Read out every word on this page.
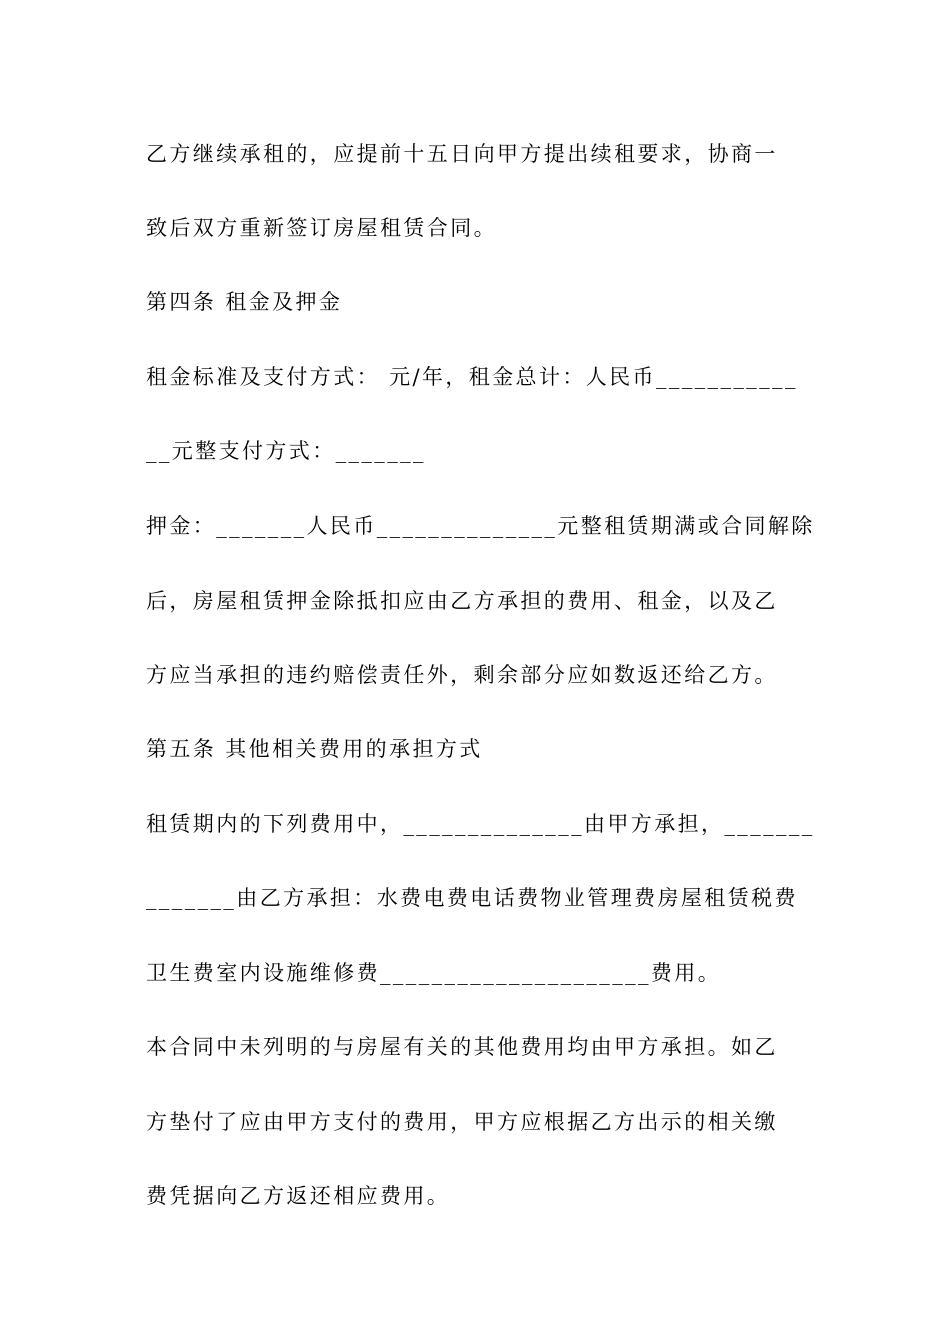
乙方继续承租的，应提前十五日向甲方提出续租要求，协商一
致后双方重新签订房屋租赁合同。
第四条 租金及押金
租金标准及支付方式： 元/年，租金总计：人民币___________
__元整支付方式：_______
押金：_______人民币______________元整租赁期满或合同解除
后，房屋租赁押金除抵扣应由乙方承担的费用、租金，以及乙
方应当承担的违约赔偿责任外，剩余部分应如数返还给乙方。
第五条 其他相关费用的承担方式
租赁期内的下列费用中，______________由甲方承担，_______
_______由乙方承担：水费电费电话费物业管理费房屋租赁税费
卫生费室内设施维修费_____________________费用。
本合同中未列明的与房屋有关的其他费用均由甲方承担。如乙
方垫付了应由甲方支付的费用，甲方应根据乙方出示的相关缴
费凭据向乙方返还相应费用。
